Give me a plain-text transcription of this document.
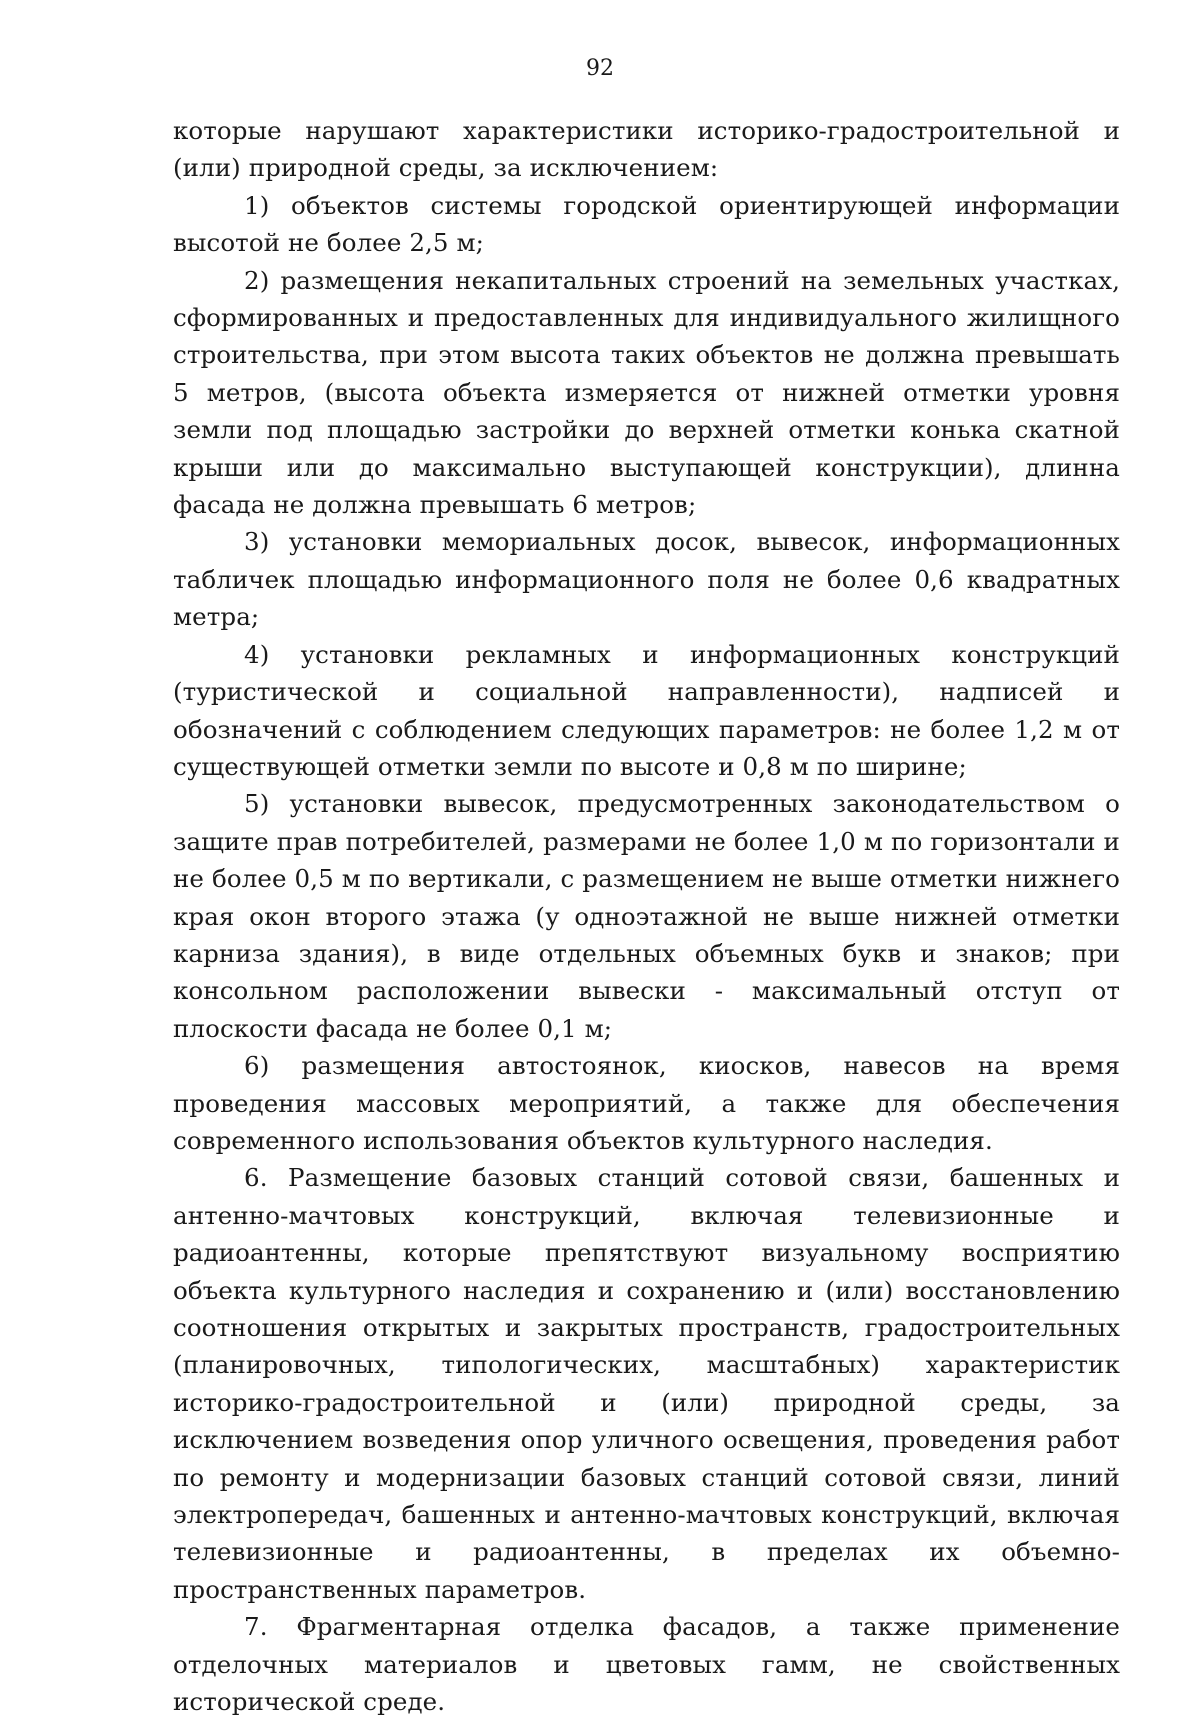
92

которые нарушают характеристики историко-градостроительной и (или) природной среды, за исключением:

1) объектов системы городской ориентирующей информации высотой не более 2,5 м;

2) размещения некапитальных строений на земельных участках, сформированных и предоставленных для индивидуального жилищного строительства, при этом высота таких объектов не должна превышать 5 метров, (высота объекта измеряется от нижней отметки уровня земли под площадью застройки до верхней отметки конька скатной крыши или до максимально выступающей конструкции), длинна фасада не должна превышать 6 метров;

3) установки мемориальных досок, вывесок, информационных табличек площадью информационного поля не более 0,6 квадратных метра;

4) установки рекламных и информационных конструкций (туристической и социальной направленности), надписей и обозначений с соблюдением следующих параметров: не более 1,2 м от существующей отметки земли по высоте и 0,8 м по ширине;

5) установки вывесок, предусмотренных законодательством о защите прав потребителей, размерами не более 1,0 м по горизонтали и не более 0,5 м по вертикали, с размещением не выше отметки нижнего края окон второго этажа (у одноэтажной не выше нижней отметки карниза здания), в виде отдельных объемных букв и знаков; при консольном расположении вывески - максимальный отступ от плоскости фасада не более 0,1 м;

6) размещения автостоянок, киосков, навесов на время проведения массовых мероприятий, а также для обеспечения современного использования объектов культурного наследия.

6. Размещение базовых станций сотовой связи, башенных и антенно-мачтовых конструкций, включая телевизионные и радиоантенны, которые препятствуют визуальному восприятию объекта культурного наследия и сохранению и (или) восстановлению соотношения открытых и закрытых пространств, градостроительных (планировочных, типологических, масштабных) характеристик историко-градостроительной и (или) природной среды, за исключением возведения опор уличного освещения, проведения работ по ремонту и модернизации базовых станций сотовой связи, линий электропередач, башенных и антенно-мачтовых конструкций, включая телевизионные и радиоантенны, в пределах их объемно- пространственных параметров.

7. Фрагментарная отделка фасадов, а также применение отделочных материалов и цветовых гамм, не свойственных исторической среде.
